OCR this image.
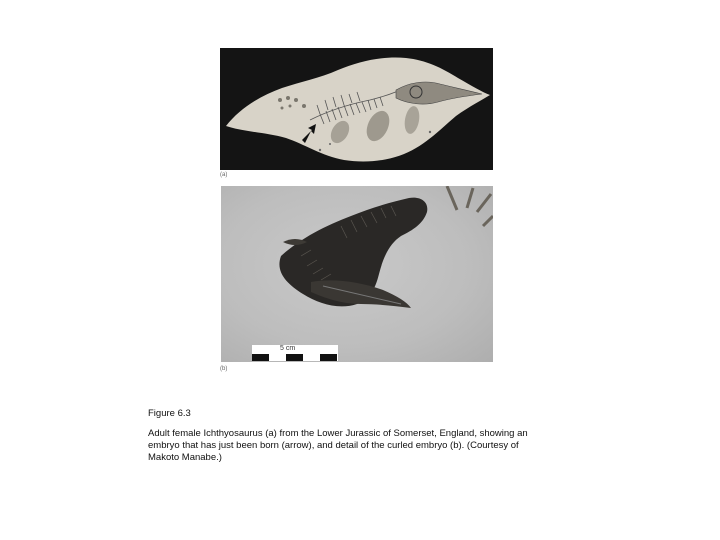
(a)
5 cm
(b)
Figure 6.3
Adult female Ichthyosaurus (a) from the Lower Jurassic of Somerset, England, showing an
embryo that has just been born (arrow), and detail of the curled embryo (b). (Courtesy of
Makoto Manabe.)
